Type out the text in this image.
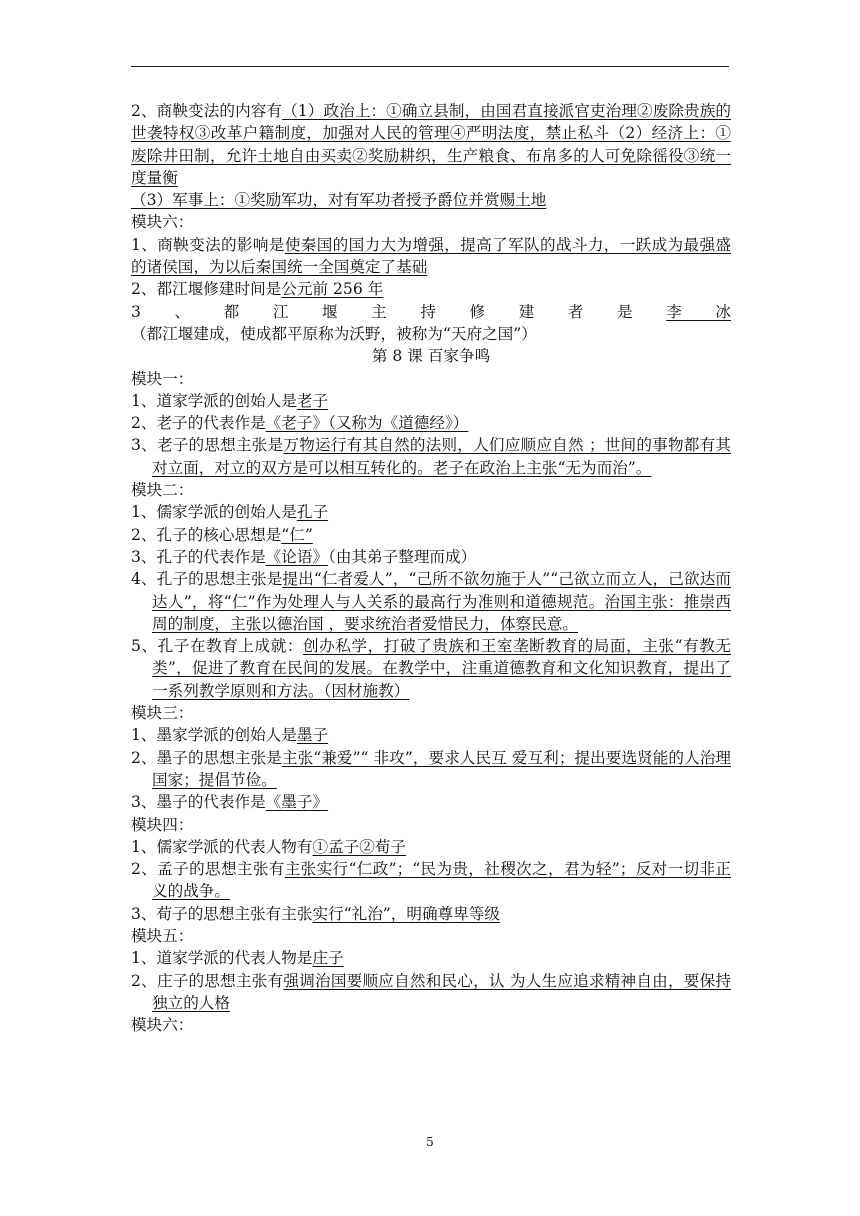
2、商鞅变法的内容有（1）政治上：①确立县制，由国君直接派官吏治理②废除贵族的世袭特权③改革户籍制度，加强对人民的管理④严明法度，禁止私斗（2）经济上：①废除井田制，允许土地自由买卖②奖励耕织，生产粮食、布帛多的人可免除徭役③统一度量衡

（3）军事上：①奖励军功，对有军功者授予爵位并赏赐土地

模块六：

1、商鞅变法的影响是使秦国的国力大为增强，提高了军队的战斗力，一跃成为最强盛的诸侯国，为以后秦国统一全国奠定了基础

2、都江堰修建时间是公元前 256 年

3、都江堰主持修建者是李冰（都江堰建成，使成都平原称为沃野，被称为“天府之国”）

第 8 课 百家争鸣

模块一：

1、道家学派的创始人是老子

2、老子的代表作是《老子》（又称为《道德经》）

3、老子的思想主张是万物运行有其自然的法则，人们应顺应自然 ；世间的事物都有其对立面，对立的双方是可以相互转化的。老子在政治上主张“无为而治”。

模块二：

1、儒家学派的创始人是孔子

2、孔子的核心思想是“仁”

3、孔子的代表作是《论语》（由其弟子整理而成）

4、孔子的思想主张是提出“仁者爱人”，“己所不欲勿施于人”“己欲立而立人，己欲达而达人”，将“仁”作为处理人与人关系的最高行为准则和道德规范。治国主张：推崇西周的制度，主张以德治国 ，要求统治者爱惜民力，体察民意。

5、孔子在教育上成就：创办私学，打破了贵族和王室垄断教育的局面，主张“有教无类”，促进了教育在民间的发展。在教学中，注重道德教育和文化知识教育，提出了一系列教学原则和方法。（因材施教）

模块三：

1、墨家学派的创始人是墨子

2、墨子的思想主张是主张“兼爱”“ 非攻”，要求人民互 爱互利；提出要选贤能的人治理国家；提倡节俭。

3、墨子的代表作是《墨子》

模块四：

1、儒家学派的代表人物有①孟子②荀子

2、孟子的思想主张有主张实行“仁政”；“民为贵，社稷次之，君为轻”；反对一切非正义的战争。

3、荀子的思想主张有主张实行“礼治”，明确尊卑等级

模块五：

1、道家学派的代表人物是庄子

2、庄子的思想主张有强调治国要顺应自然和民心，认 为人生应追求精神自由，要保持独立的人格

模块六：

5
